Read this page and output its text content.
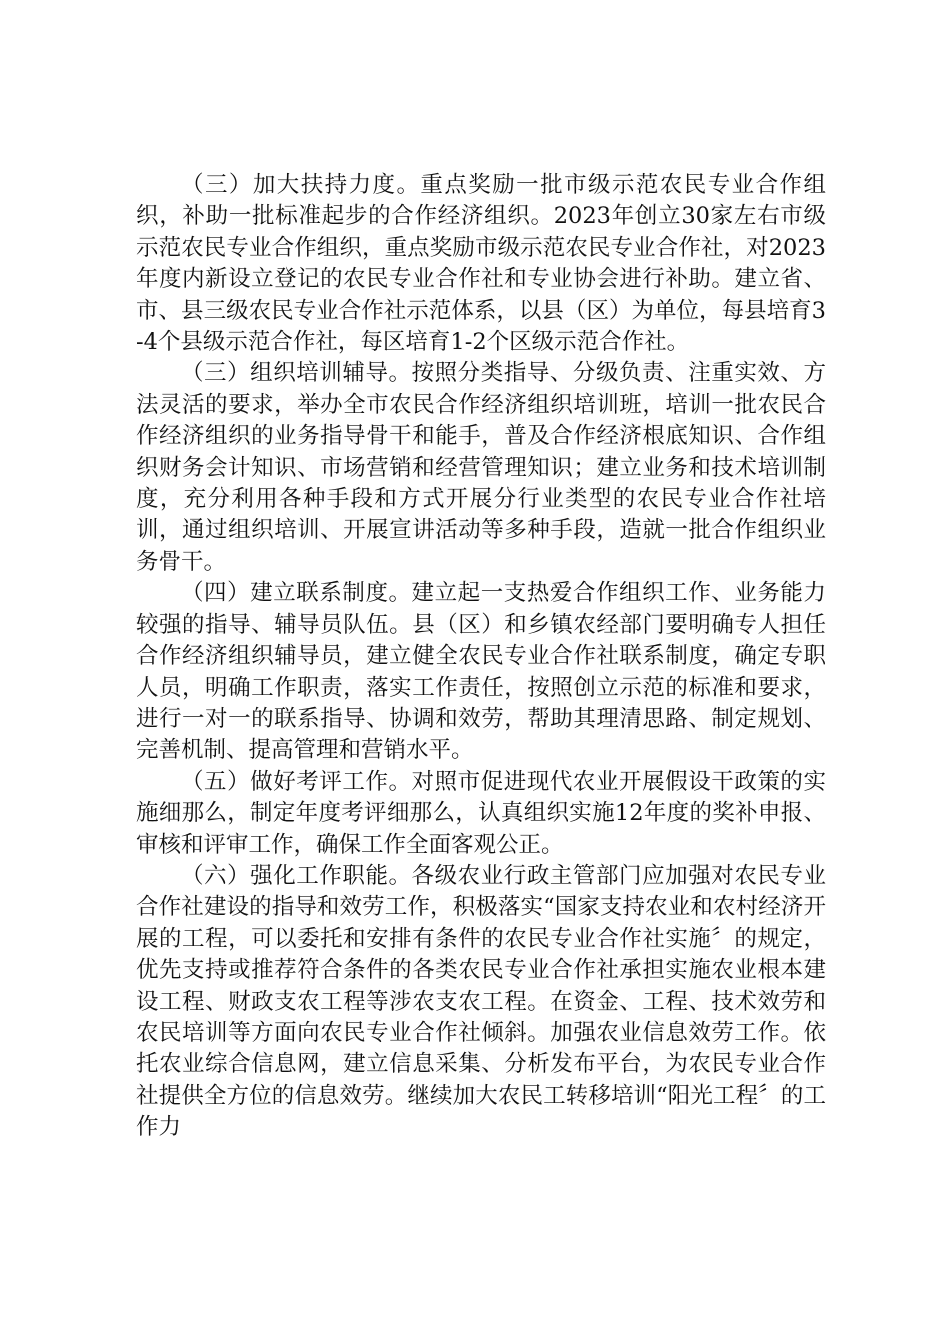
（三）加大扶持力度。重点奖励一批市级示范农民专业合作组织，补助一批标准起步的合作经济组织。2023年创立30家左右市级示范农民专业合作组织，重点奖励市级示范农民专业合作社，对2023年度内新设立登记的农民专业合作社和专业协会进行补助。建立省、市、县三级农民专业合作社示范体系，以县（区）为单位，每县培育3-4个县级示范合作社，每区培育1-2个区级示范合作社。

（三）组织培训辅导。按照分类指导、分级负责、注重实效、方法灵活的要求，举办全市农民合作经济组织培训班，培训一批农民合作经济组织的业务指导骨干和能手，普及合作经济根底知识、合作组织财务会计知识、市场营销和经营管理知识；建立业务和技术培训制度，充分利用各种手段和方式开展分行业类型的农民专业合作社培训，通过组织培训、开展宣讲活动等多种手段，造就一批合作组织业务骨干。

（四）建立联系制度。建立起一支热爱合作组织工作、业务能力较强的指导、辅导员队伍。县（区）和乡镇农经部门要明确专人担任合作经济组织辅导员，建立健全农民专业合作社联系制度，确定专职人员，明确工作职责，落实工作责任，按照创立示范的标准和要求，进行一对一的联系指导、协调和效劳，帮助其理清思路、制定规划、完善机制、提高管理和营销水平。

（五）做好考评工作。对照市促进现代农业开展假设干政策的实施细那么，制定年度考评细那么，认真组织实施12年度的奖补申报、审核和评审工作，确保工作全面客观公正。

（六）强化工作职能。各级农业行政主管部门应加强对农民专业合作社建设的指导和效劳工作，积极落实“国家支持农业和农村经济开展的工程，可以委托和安排有条件的农民专业合作社实施〞的规定，优先支持或推荐符合条件的各类农民专业合作社承担实施农业根本建设工程、财政支农工程等涉农支农工程。在资金、工程、技术效劳和农民培训等方面向农民专业合作社倾斜。加强农业信息效劳工作。依托农业综合信息网，建立信息采集、分析发布平台，为农民专业合作社提供全方位的信息效劳。继续加大农民工转移培训“阳光工程〞的工作力
